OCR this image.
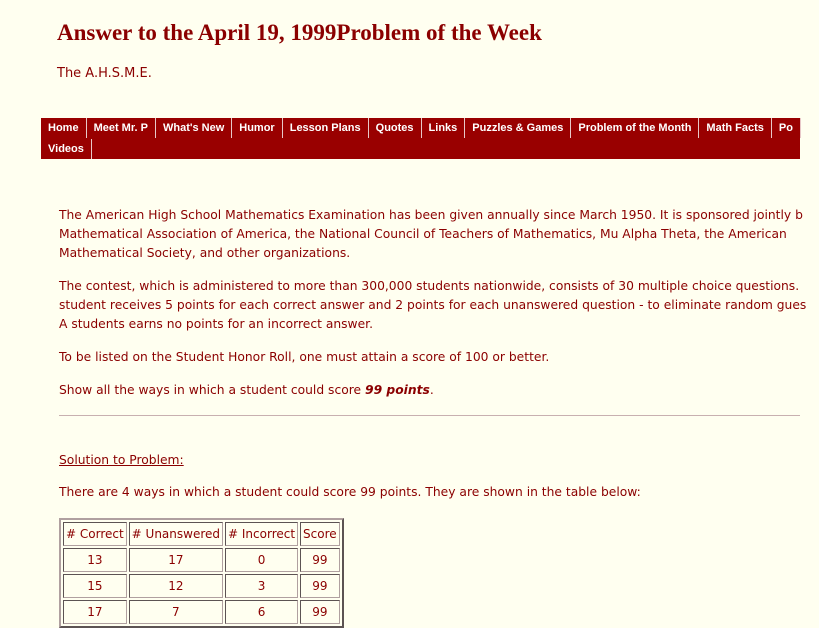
Answer to the April 19, 1999Problem of the Week
The A.H.S.M.E.
Home	Meet Mr. P	What's New	Humor	Lesson Plans	Quotes	Links	Puzzles & Games	Problem of the Month	Math Facts	Po
Videos

The American High School Mathematics Examination has been given annually since March 1950. It is sponsored jointly b
Mathematical Association of America, the National Council of Teachers of Mathematics, Mu Alpha Theta, the American
Mathematical Society, and other organizations.

The contest, which is administered to more than 300,000 students nationwide, consists of 30 multiple choice questions.
student receives 5 points for each correct answer and 2 points for each unanswered question - to eliminate random gues
A students earns no points for an incorrect answer.

To be listed on the Student Honor Roll, one must attain a score of 100 or better.

Show all the ways in which a student could score 99 points.

Solution to Problem:
There are 4 ways in which a student could score 99 points. They are shown in the table below:
# Correct	# Unanswered	# Incorrect	Score
13	17	0	99
15	12	3	99
17	7	6	99
